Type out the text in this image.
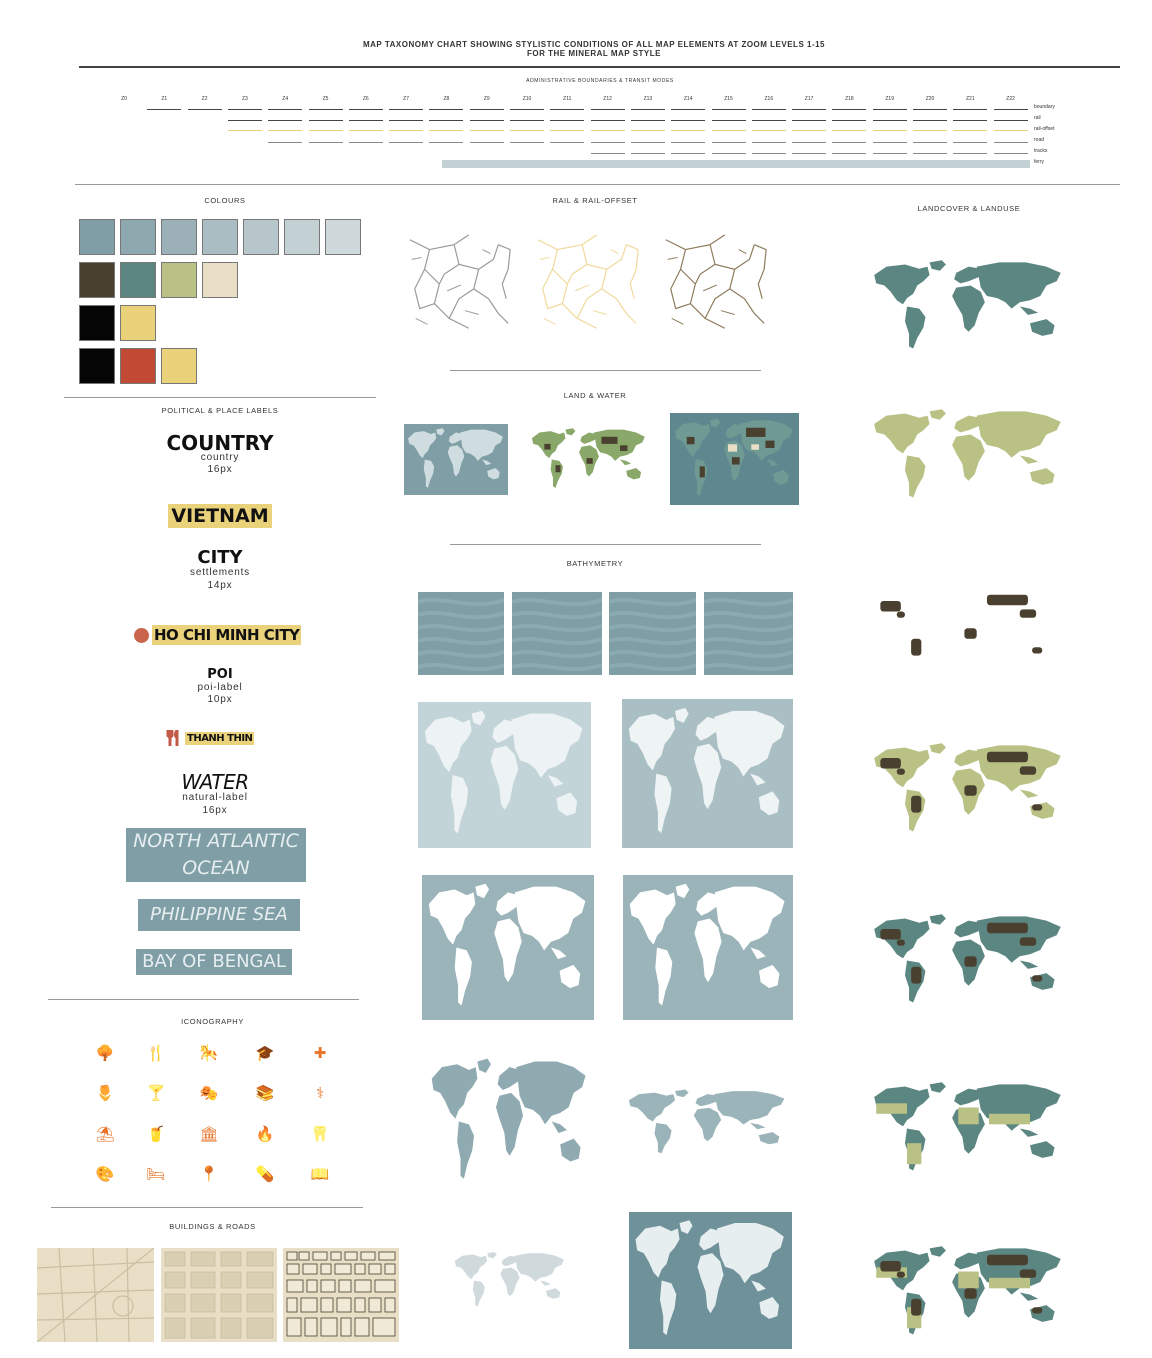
MAP TAXONOMY CHART SHOWING STYLISTIC CONDITIONS OF ALL MAP ELEMENTS AT ZOOM LEVELS 1-15
FOR THE MINERAL MAP STYLE
ADMINISTRATIVE BOUNDARIES & TRANSIT MODES
Z0	Z1	Z2	Z3	Z4	Z5	Z6	Z7	Z8	Z9	Z10	Z11	Z12	Z13	Z14	Z15	Z16	Z17	Z18	Z19	Z20	Z21	Z22
boundary
rail
rail-offset
road
tracks
ferry
COLOURS
POLITICAL & PLACE LABELS
COUNTRY
country
16px
VIETNAM
CITY
settlements
14px
HO CHI MINH CITY
POI
poi-label
10px
THANH THIN
WATER
natural-label
16px
NORTH ATLANTIC
OCEAN
PHILIPPINE SEA
BAY OF BENGAL
ICONOGRAPHY
🌳 🍴 🎠 🎓	✚
🌷 🍸 🎭 📚	⚕
⛱ 🥤 🏛 🔥 🦷
🎨 🛏 📍 💊 📖
BUILDINGS & ROADS
RAIL & RAIL-OFFSET
LAND & WATER
BATHYMETRY
LANDCOVER & LANDUSE
